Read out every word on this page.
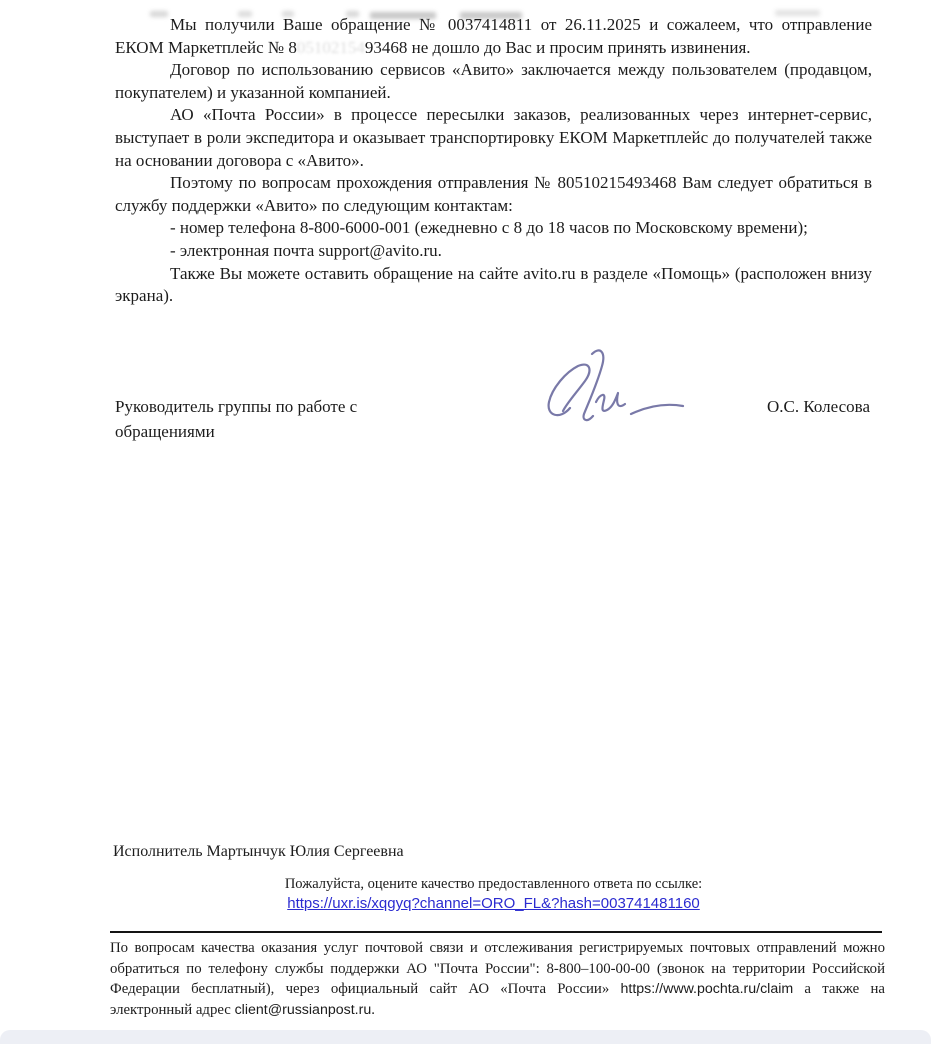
Мы получили Ваше обращение № 0037414811 от 26.11.2025 и сожалеем, что отправление ЕКОМ Маркетплейс № 80510215493468 не дошло до Вас и просим принять извинения.

Договор по использованию сервисов «Авито» заключается между пользователем (продавцом, покупателем) и указанной компанией.

АО «Почта России» в процессе пересылки заказов, реализованных через интернет-сервис, выступает в роли экспедитора и оказывает транспортировку ЕКОМ Маркетплейс до получателей также на основании договора с «Авито».

Поэтому по вопросам прохождения отправления № 80510215493468 Вам следует обратиться в службу поддержки «Авито» по следующим контактам:

- номер телефона 8-800-6000-001 (ежедневно с 8 до 18 часов по Московскому времени);

- электронная почта support@avito.ru.

Также Вы можете оставить обращение на сайте avito.ru в разделе «Помощь» (расположен внизу экрана).

Руководитель группы по работе с обращениями
О.С. Колесова
Исполнитель Мартынчук Юлия Сергеевна
Пожалуйста, оцените качество предоставленного ответа по ссылке:
https://uxr.is/xqgyq?channel=ORO_FL&?hash=003741481160
По вопросам качества оказания услуг почтовой связи и отслеживания регистрируемых почтовых отправлений можно обратиться по телефону службы поддержки АО "Почта России": 8-800–100-00-00 (звонок на территории Российской Федерации бесплатный), через официальный сайт АО «Почта России» https://www.pochta.ru/claim а также на электронный адрес client@russianpost.ru.
